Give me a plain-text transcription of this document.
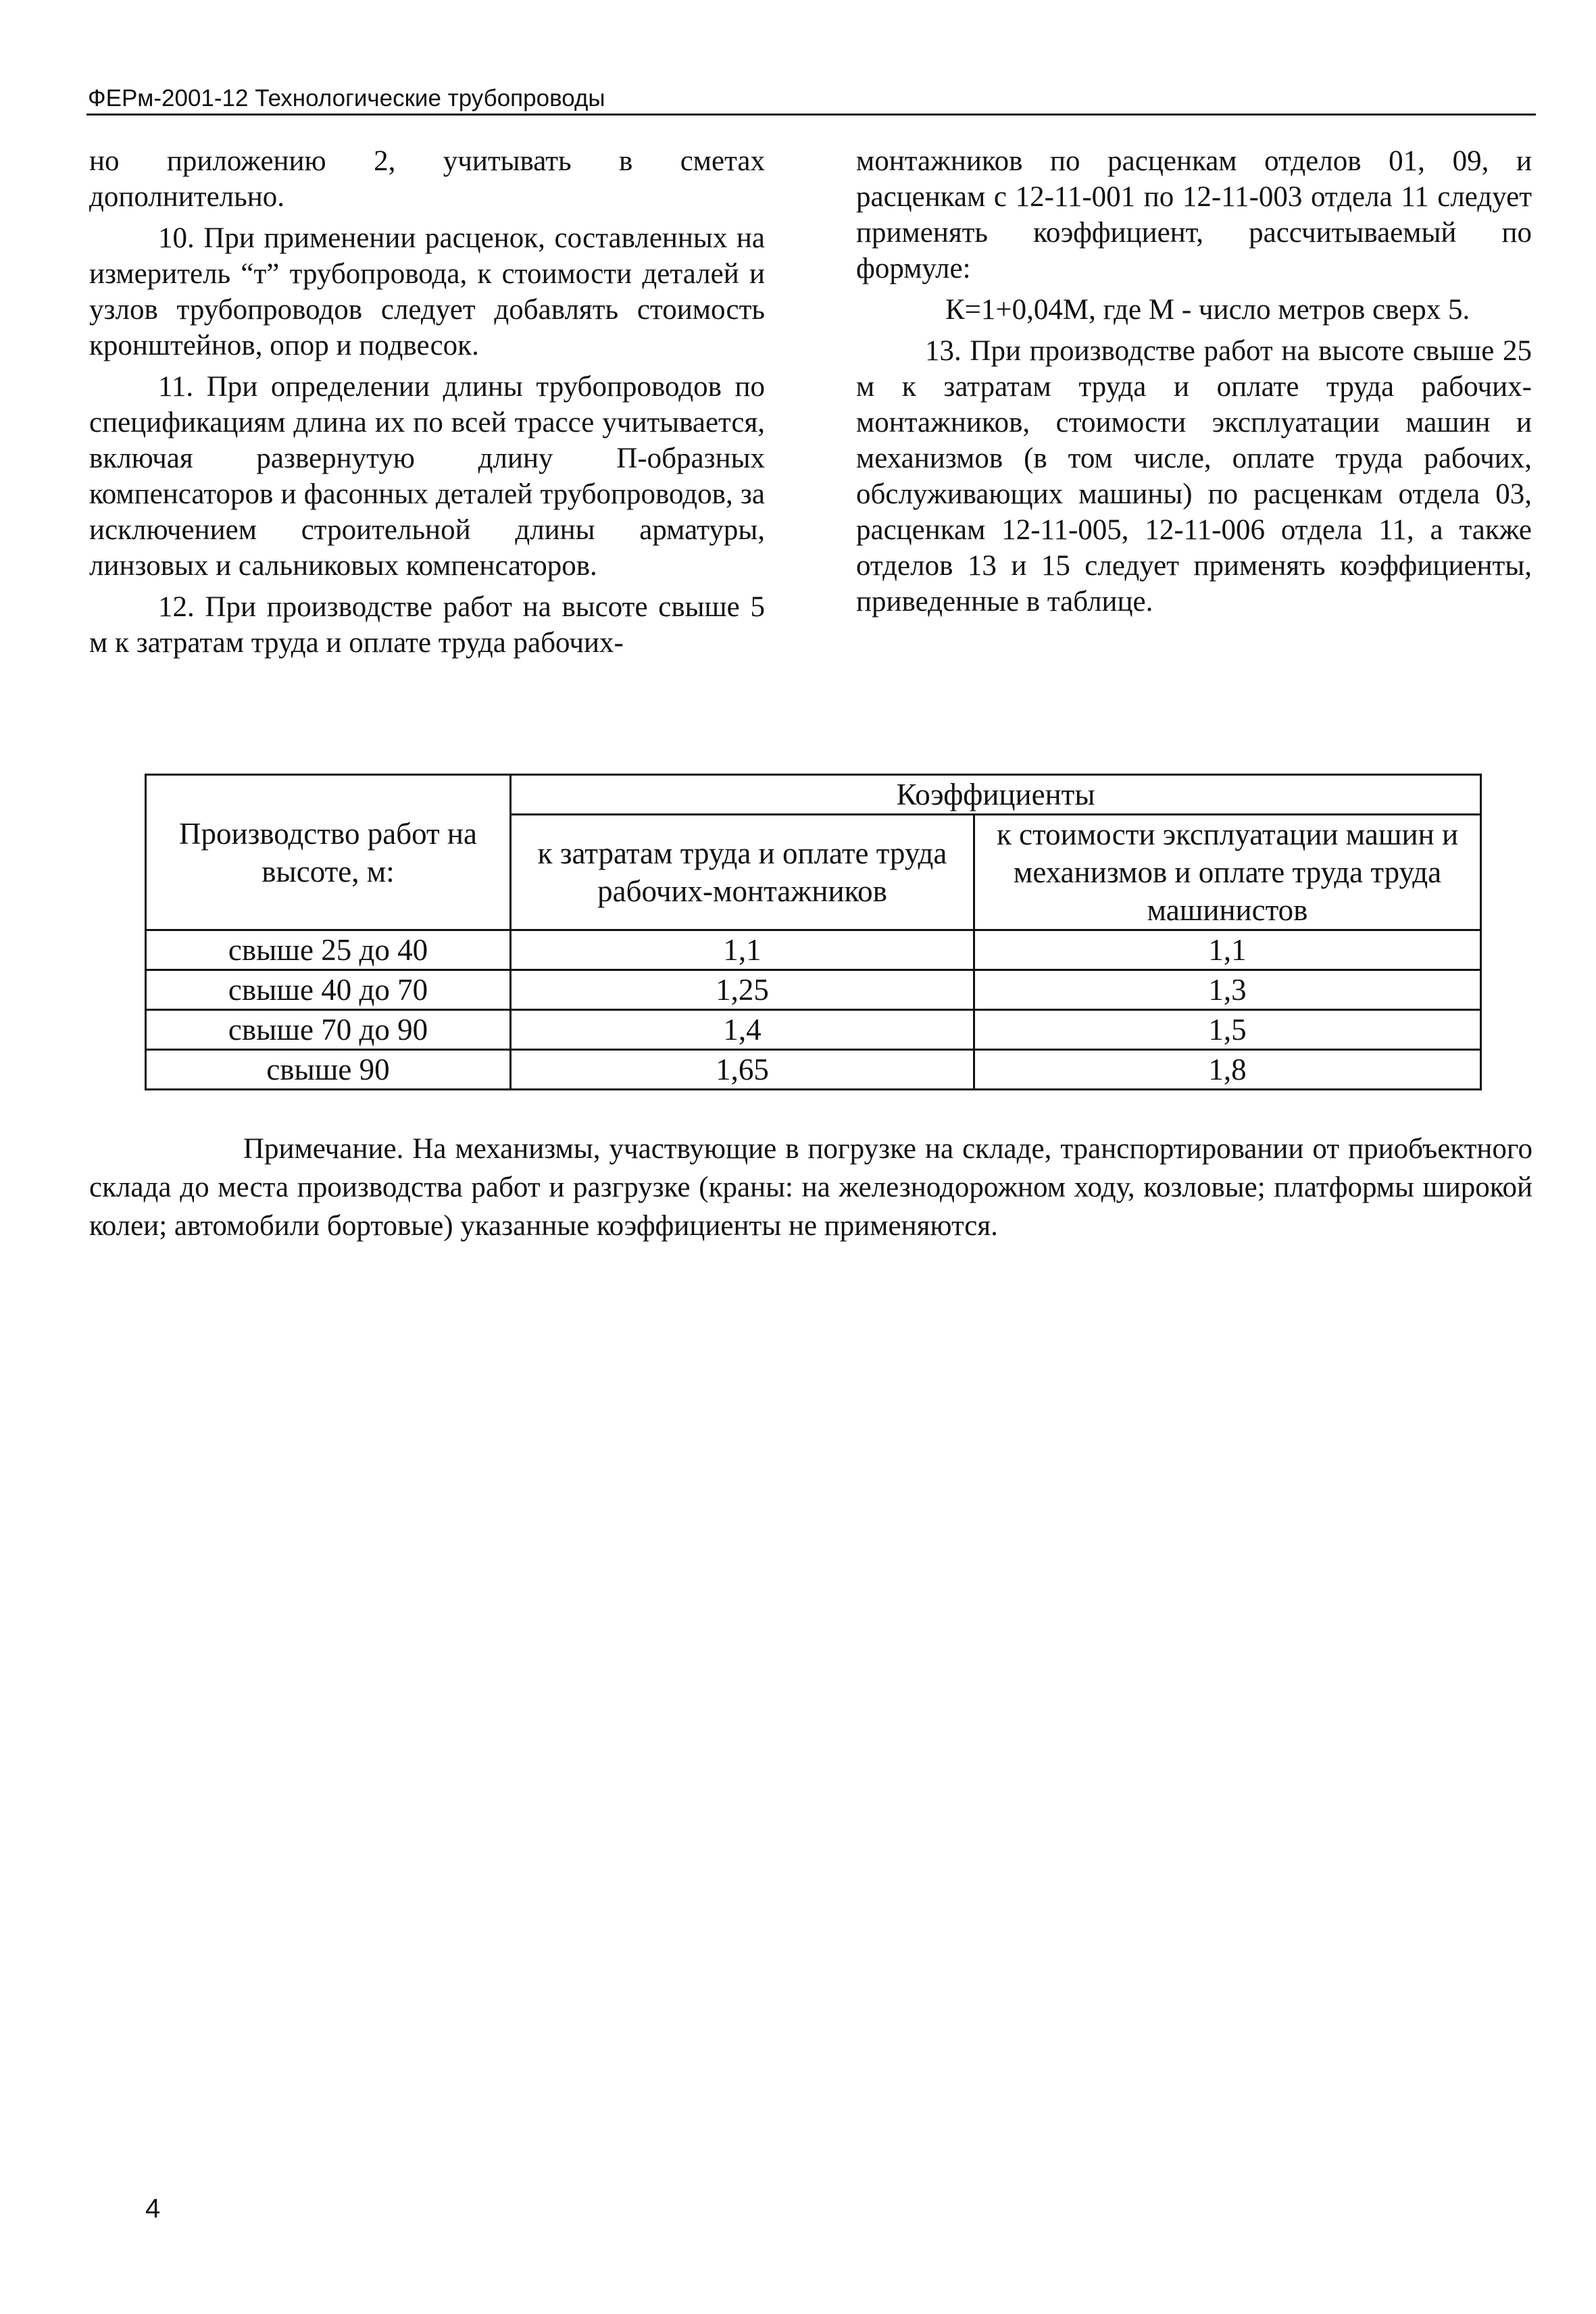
ФЕРм-2001-12 Технологические трубопроводы

но приложению 2, учитывать в сметах дополнительно.

10. При применении расценок, составленных на измеритель “т” трубопровода, к стоимости деталей и узлов трубопроводов следует добавлять стоимость кронштейнов, опор и подвесок.

11. При определении длины трубопроводов по спецификациям длина их по всей трассе учитывается, включая развернутую длину П-образных компенсаторов и фасонных деталей трубопроводов, за исключением строительной длины арматуры, линзовых и сальниковых компенсаторов.

12. При производстве работ на высоте свыше 5 м к затратам труда и оплате труда рабочих-

монтажников по расценкам отделов 01, 09, и расценкам с 12-11-001 по 12-11-003 отдела 11 следует применять коэффициент, рассчитываемый по формуле:

К=1+0,04М, где М - число метров сверх 5.

13. При производстве работ на высоте свыше 25 м к затратам труда и оплате труда рабочих-монтажников, стоимости эксплуатации машин и механизмов (в том числе, оплате труда рабочих, обслуживающих машины) по расценкам отдела 03, расценкам 12-11-005, 12-11-006 отдела 11, а также отделов 13 и 15 следует применять коэффициенты, приведенные в таблице.

Производство работ на высоте, м:	Коэффициенты	
	к затратам труда и оплате труда рабочих-монтажников	к стоимости эксплуатации машин и механизмов и оплате труда труда машинистов
свыше 25 до 40	1,1	1,1
свыше 40 до 70	1,25	1,3
свыше 70 до 90	1,4	1,5
свыше 90	1,65	1,8

Примечание. На механизмы, участвующие в погрузке на складе, транспортировании от приобъектного склада до места производства работ и разгрузке (краны: на железнодорожном ходу, козловые; платформы широкой колеи; автомобили бортовые) указанные коэффициенты не применяются.

4
